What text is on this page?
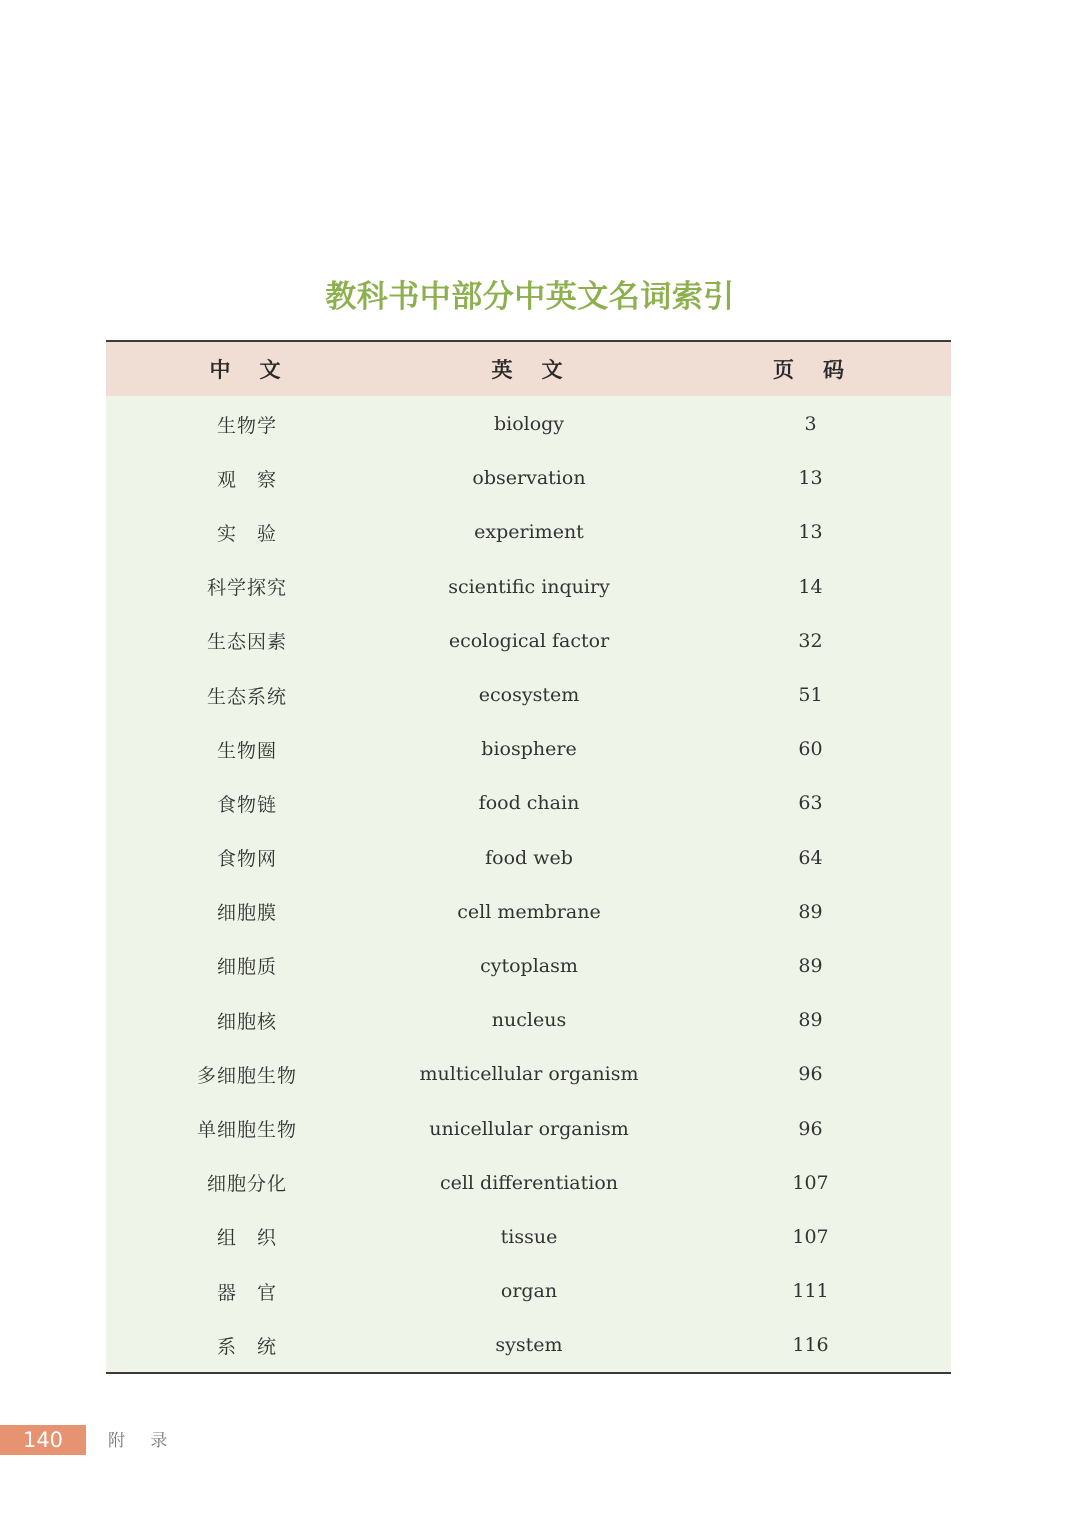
教科书中部分中英文名词索引
中　文	英　文	页　码
生物学	biology	3
观　察	observation	13
实　验	experiment	13
科学探究	scientific inquiry	14
生态因素	ecological factor	32
生态系统	ecosystem	51
生物圈	biosphere	60
食物链	food chain	63
食物网	food web	64
细胞膜	cell membrane	89
细胞质	cytoplasm	89
细胞核	nucleus	89
多细胞生物	multicellular organism	96
单细胞生物	unicellular organism	96
细胞分化	cell differentiation	107
组　织	tissue	107
器　官	organ	111
系　统	system	116
140	附 录
